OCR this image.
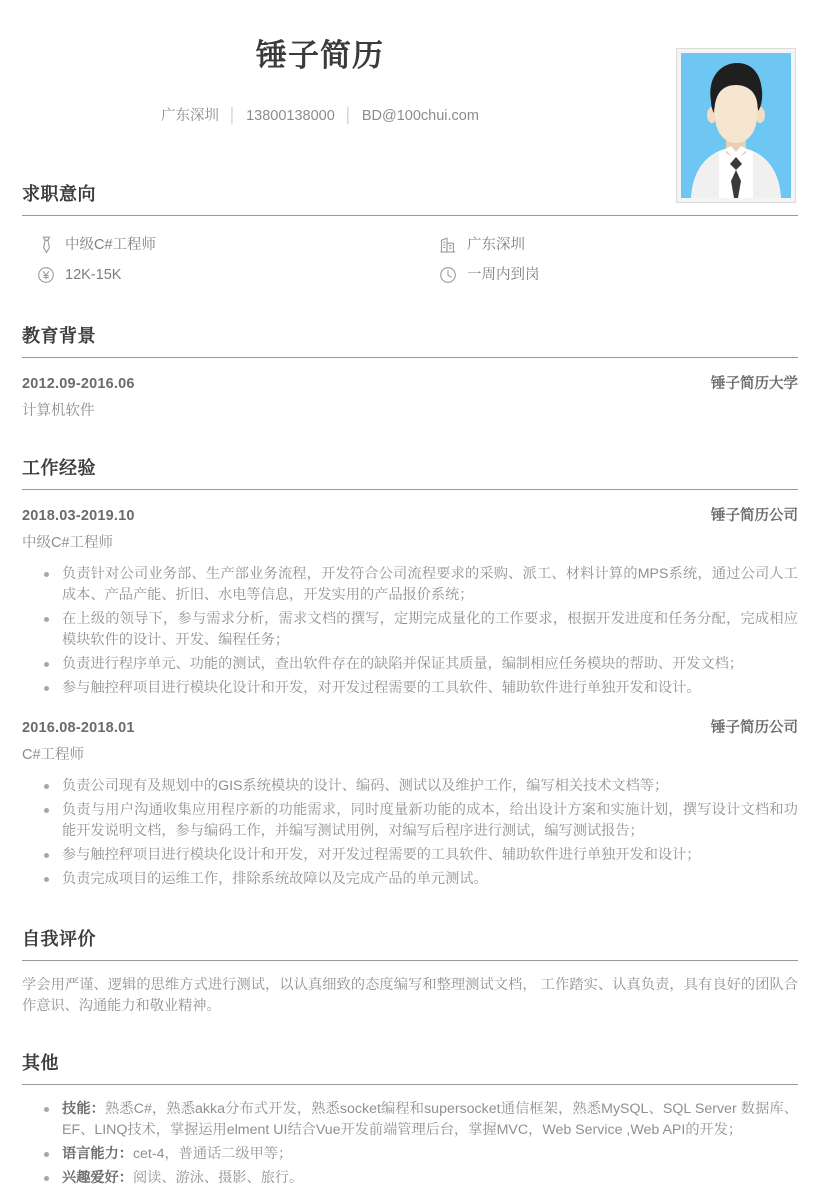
锤子简历
广东深圳 │ 13800138000 │ BD@100chui.com
求职意向
中级C#工程师	广东深圳
12K-15K	一周内到岗
教育背景
2012.09-2016.06	锤子简历大学
计算机软件
工作经验
2018.03-2019.10	锤子简历公司
中级C#工程师
负责针对公司业务部、生产部业务流程，开发符合公司流程要求的采购、派工、材料计算的MPS系统，通过公司人工成本、产品产能、折旧、水电等信息，开发实用的产品报价系统；
在上级的领导下，参与需求分析，需求文档的撰写，定期完成量化的工作要求，根据开发进度和任务分配，完成相应模块软件的设计、开发、编程任务；
负责进行程序单元、功能的测试，查出软件存在的缺陷并保证其质量，编制相应任务模块的帮助、开发文档；
参与触控秤项目进行模块化设计和开发，对开发过程需要的工具软件、辅助软件进行单独开发和设计。
2016.08-2018.01	锤子简历公司
C#工程师
负责公司现有及规划中的GIS系统模块的设计、编码、测试以及维护工作，编写相关技术文档等；
负责与用户沟通收集应用程序新的功能需求，同时度量新功能的成本，给出设计方案和实施计划，撰写设计文档和功能开发说明文档，参与编码工作，并编写测试用例，对编写后程序进行测试，编写测试报告；
参与触控秤项目进行模块化设计和开发，对开发过程需要的工具软件、辅助软件进行单独开发和设计；
负责完成项目的运维工作，排除系统故障以及完成产品的单元测试。
自我评价

学会用严谨、逻辑的思维方式进行测试，以认真细致的态度编写和整理测试文档， 工作踏实、认真负责，具有良好的团队合作意识、沟通能力和敬业精神。

其他
技能：熟悉C#，熟悉akka分布式开发，熟悉socket编程和supersocket通信框架，熟悉MySQL、SQL Server 数据库、EF、LINQ技术，掌握运用elment UI结合Vue开发前端管理后台，掌握MVC，Web Service ,Web API的开发；
语言能力：cet-4，普通话二级甲等；
兴趣爱好：阅读、游泳、摄影、旅行。
